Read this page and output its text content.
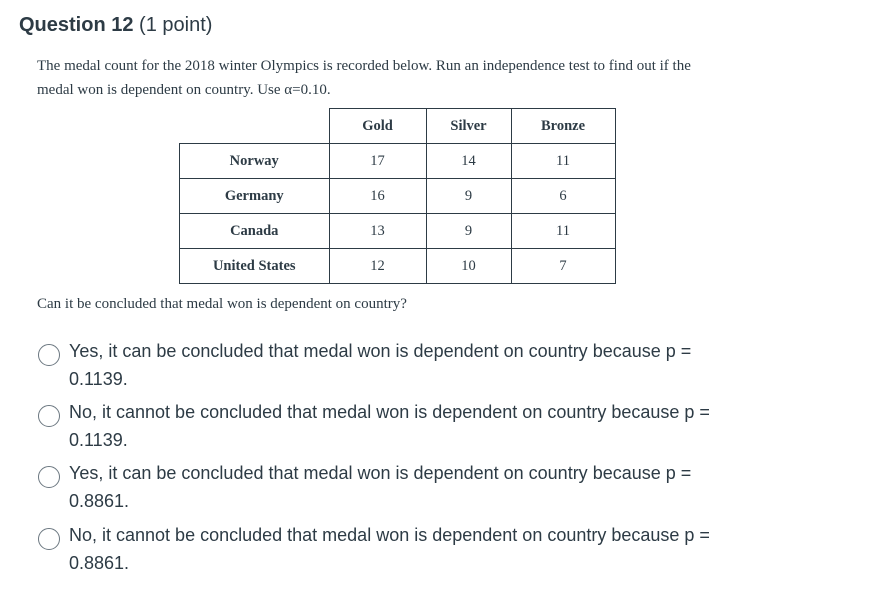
Question 12 (1 point)
The medal count for the 2018 winter Olympics is recorded below. Run an independence test to find out if the
medal won is dependent on country. Use α=0.10.
	Gold	Silver	Bronze
Norway	17	14	11
Germany	16	9	6
Canada	13	9	11
United States	12	10	7
Can it be concluded that medal won is dependent on country?
Yes, it can be concluded that medal won is dependent on country because p =
0.1139.
No, it cannot be concluded that medal won is dependent on country because p =
0.1139.
Yes, it can be concluded that medal won is dependent on country because p =
0.8861.
No, it cannot be concluded that medal won is dependent on country because p =
0.8861.
